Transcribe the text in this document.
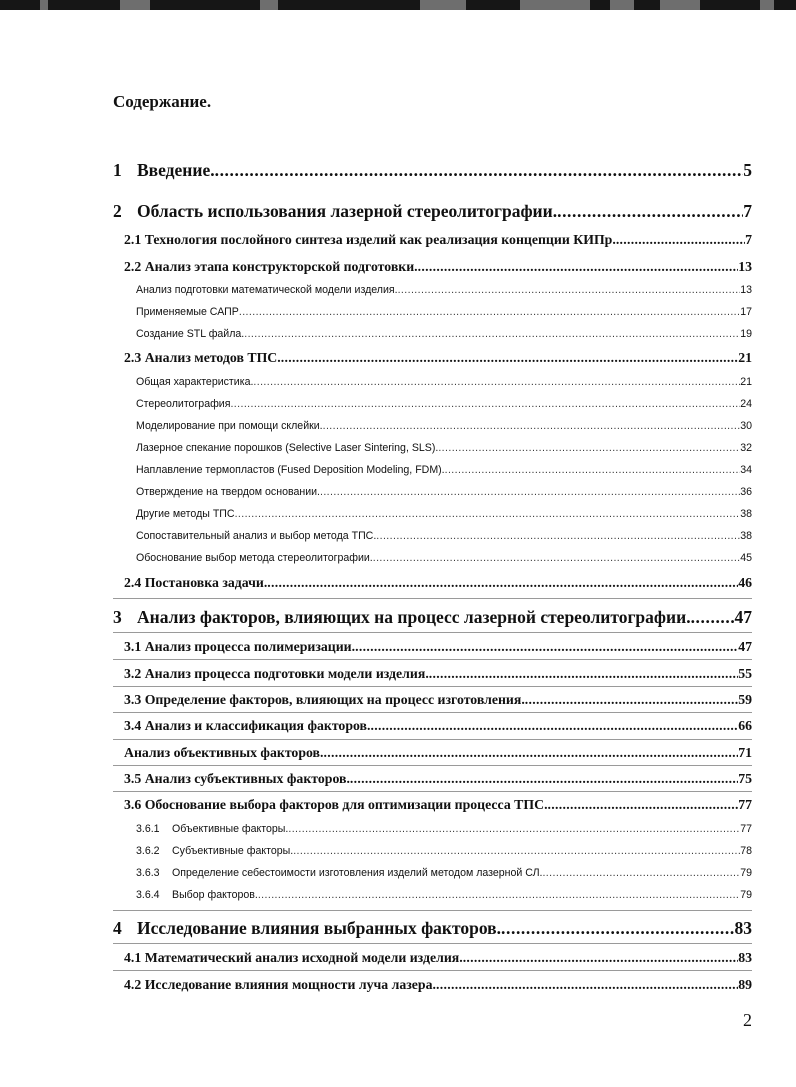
Содержание.
1 Введение. .....	5
2 Область использования лазерной стереолитографии. .....	7
2.1 Технология послойного синтеза изделий как реализация концепции КИПр. .....	7
2.2 Анализ этапа конструкторской подготовки. .....	13
Анализ подготовки математической модели изделия. .....	13
Применяемые САПР .....	17
Создание STL файла. .....	19
2.3 Анализ методов ТПС. .....	21
Общая характеристика. .....	21
Стереолитография .....	24
Моделирование при помощи склейки. .....	30
Лазерное спекание порошков (Selective Laser Sintering, SLS). .....	32
Наплавление термопластов (Fused Deposition Modeling, FDM). .....	34
Отверждение на твердом основании. .....	36
Другие методы ТПС .....	38
Сопоставительный анализ и выбор метода ТПС. .....	38
Обоснование выбор метода стереолитографии. .....	45
2.4 Постановка задачи. .....	46
3 Анализ факторов, влияющих на процесс лазерной стереолитографии. .....	47
3.1 Анализ процесса полимеризации. .....	47
3.2 Анализ процесса подготовки модели изделия. .....	55
3.3 Определение факторов, влияющих на процесс изготовления. .....	59
3.4 Анализ и классификация факторов. .....	66
Анализ объективных факторов. .....	71
3.5 Анализ субъективных факторов. .....	75
3.6 Обоснование выбора факторов для оптимизации процесса ТПС. .....	77
3.6.1	Объективные факторы. .....	77
3.6.2	Субъективные факторы. .....	78
3.6.3	Определение себестоимости изготовления изделий методом лазерной СЛ. .....	79
3.6.4	Выбор факторов. .....	79
4 Исследование влияния выбранных факторов. .....	83
4.1 Математический анализ исходной модели изделия. .....	83
4.2 Исследование влияния мощности луча лазера. .....	89
2
